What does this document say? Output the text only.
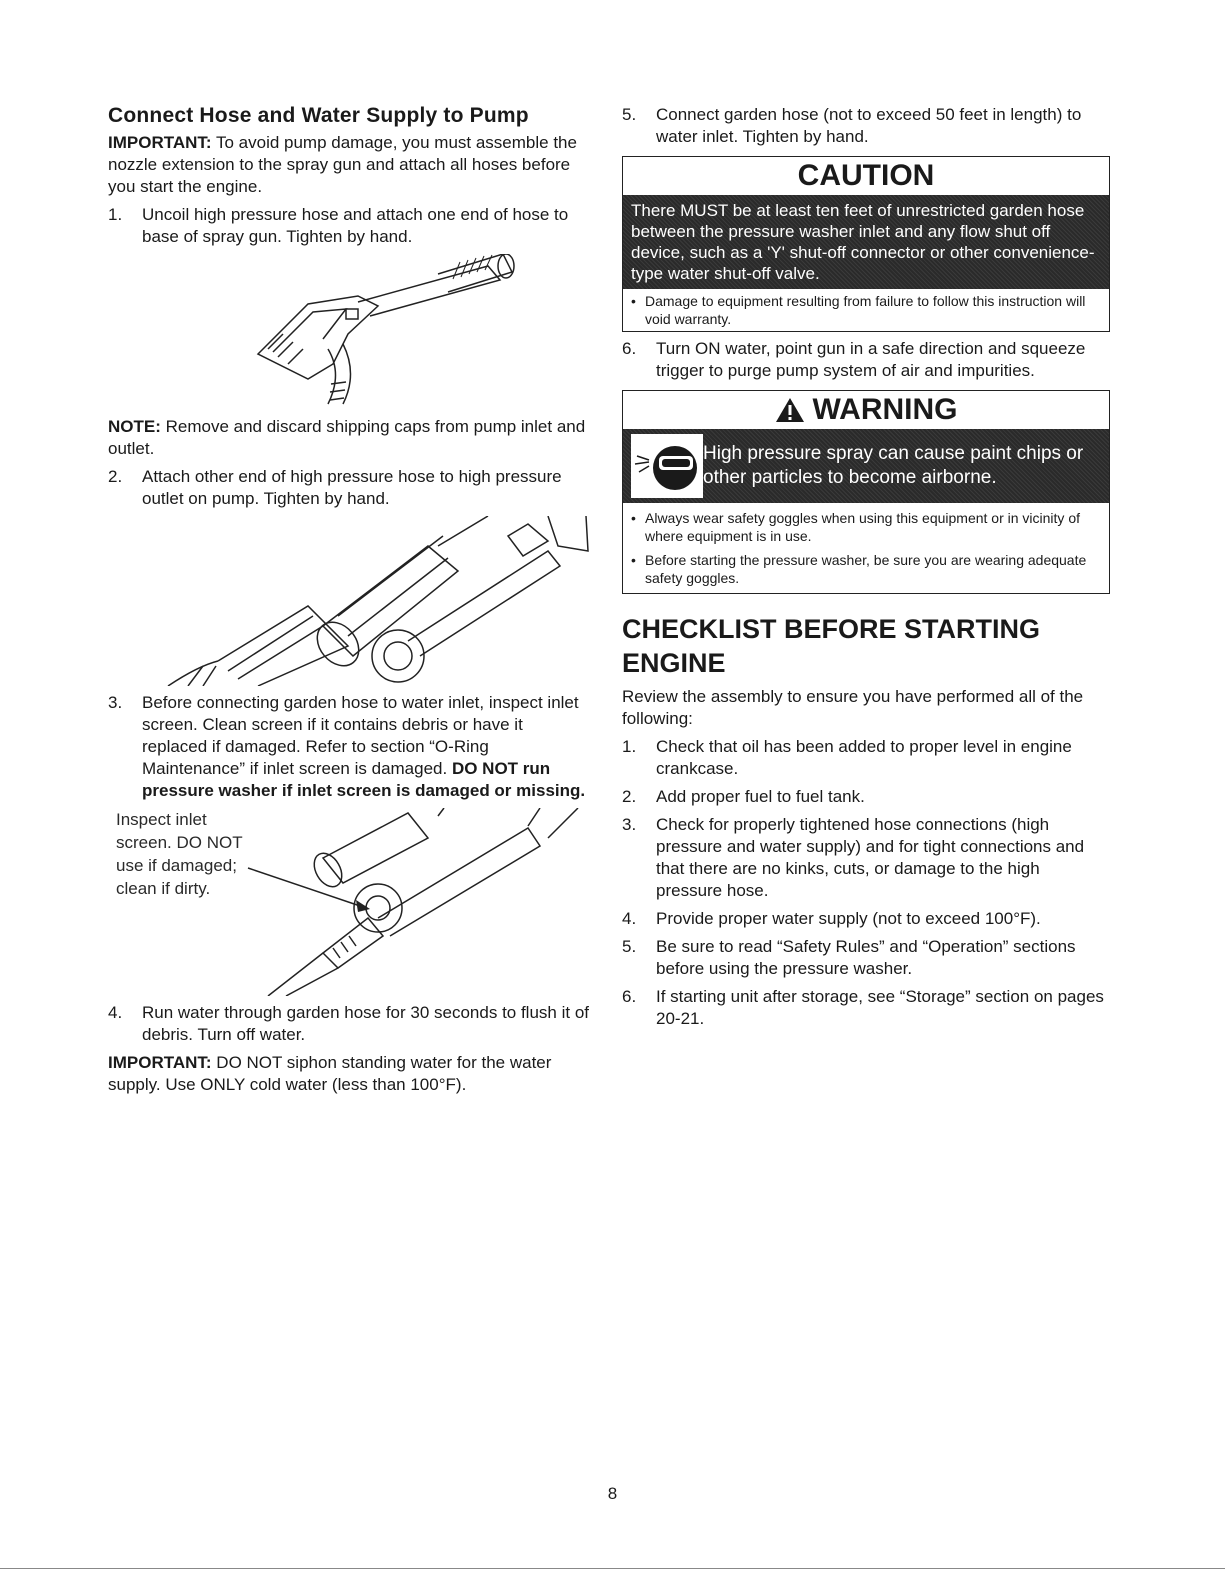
Connect Hose and Water Supply to Pump

IMPORTANT: To avoid pump damage, you must assemble the nozzle extension to the spray gun and attach all hoses before you start the engine.

1.	Uncoil high pressure hose and attach one end of hose to base of spray gun. Tighten by hand.

NOTE: Remove and discard shipping caps from pump inlet and outlet.

2.	Attach other end of high pressure hose to high pressure outlet on pump. Tighten by hand.
3.	Before connecting garden hose to water inlet, inspect inlet screen. Clean screen if it contains debris or have it replaced if damaged. Refer to section “O-Ring Maintenance” if inlet screen is damaged. DO NOT run pressure washer if inlet screen is damaged or missing.
Inspect inlet
screen. DO NOT
use if damaged;
clean if dirty.
4.	Run water through garden hose for 30 seconds to flush it of debris. Turn off water.

IMPORTANT: DO NOT siphon standing water for the water supply. Use ONLY cold water (less than 100°F).

5.	Connect garden hose (not to exceed 50 feet in length) to water inlet. Tighten by hand.
CAUTION
There MUST be at least ten feet of unrestricted garden hose between the pressure washer inlet and any flow shut off device, such as a 'Y' shut-off connector or other convenience-type water shut-off valve.
• Damage to equipment resulting from failure to follow this instruction will void warranty.
6.	Turn ON water, point gun in a safe direction and squeeze trigger to purge pump system of air and impurities.
WARNING
High pressure spray can cause paint chips or other particles to become airborne.
• Always wear safety goggles when using this equipment or in vicinity of where equipment is in use.
• Before starting the pressure washer, be sure you are wearing adequate safety goggles.
CHECKLIST BEFORE STARTING ENGINE

Review the assembly to ensure you have performed all of the following:

1.	Check that oil has been added to proper level in engine crankcase.
2.	Add proper fuel to fuel tank.
3.	Check for properly tightened hose connections (high pressure and water supply) and for tight connections and that there are no kinks, cuts, or damage to the high pressure hose.
4.	Provide proper water supply (not to exceed 100°F).
5.	Be sure to read “Safety Rules” and “Operation” sections before using the pressure washer.
6.	If starting unit after storage, see “Storage” section on pages 20-21.
8
